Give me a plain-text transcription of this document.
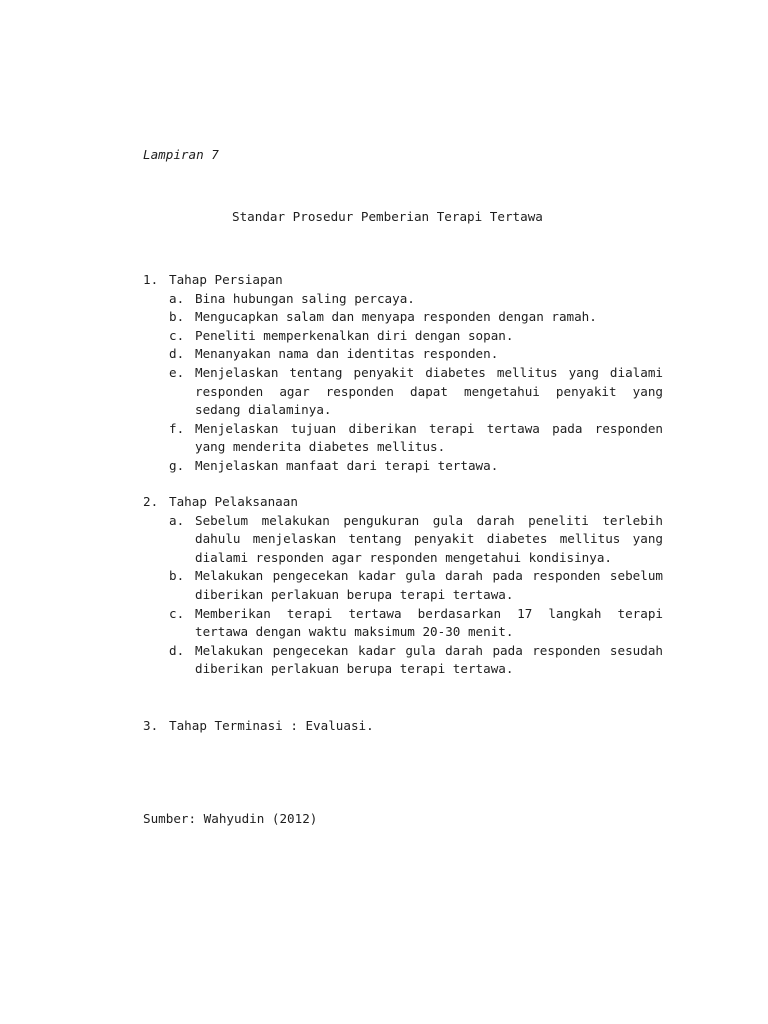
Lampiran 7
Standar Prosedur Pemberian Terapi Tertawa
1. Tahap Persiapan
a. Bina hubungan saling percaya.
b. Mengucapkan salam dan menyapa responden dengan ramah.
c. Peneliti memperkenalkan diri dengan sopan.
d. Menanyakan nama dan identitas responden.
e. Menjelaskan tentang penyakit diabetes mellitus yang dialami responden agar responden dapat mengetahui penyakit yang sedang dialaminya.
f. Menjelaskan tujuan diberikan terapi tertawa pada responden yang menderita diabetes mellitus.
g. Menjelaskan manfaat dari terapi tertawa.
2. Tahap Pelaksanaan
a. Sebelum melakukan pengukuran gula darah peneliti terlebih dahulu menjelaskan tentang penyakit diabetes mellitus yang dialami responden agar responden mengetahui kondisinya.
b. Melakukan pengecekan kadar gula darah pada responden sebelum diberikan perlakuan berupa terapi tertawa.
c. Memberikan terapi tertawa berdasarkan 17 langkah terapi tertawa dengan waktu maksimum 20-30 menit.
d. Melakukan pengecekan kadar gula darah pada responden sesudah diberikan perlakuan berupa terapi tertawa.
3. Tahap Terminasi : Evaluasi.
Sumber: Wahyudin (2012)
